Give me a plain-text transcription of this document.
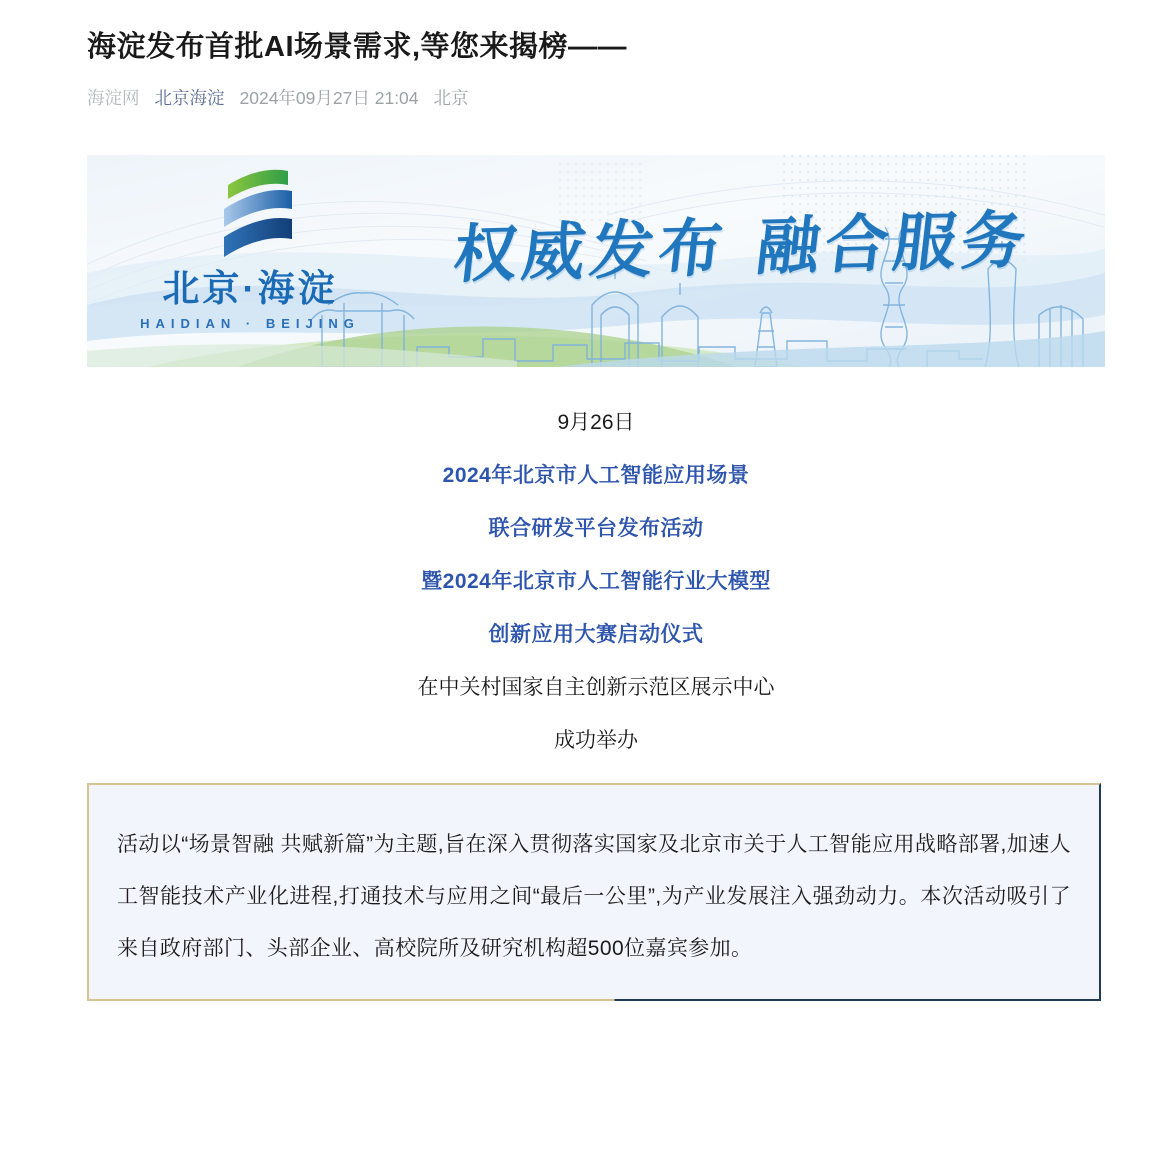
海淀发布首批AI场景需求,等您来揭榜——
海淀网 北京海淀 2024年09月27日 21:04 北京
北京·海淀
HAIDIAN · BEIJING
权威发布 融合服务

9月26日

2024年北京市人工智能应用场景

联合研发平台发布活动

暨2024年北京市人工智能行业大模型

创新应用大赛启动仪式

在中关村国家自主创新示范区展示中心

成功举办

活动以“场景智融 共赋新篇”为主题,旨在深入贯彻落实国家及北京市关于人工智能应用战略部署,加速人工智能技术产业化进程,打通技术与应用之间“最后一公里”,为产业发展注入强劲动力。本次活动吸引了来自政府部门、头部企业、高校院所及研究机构超500位嘉宾参加。
